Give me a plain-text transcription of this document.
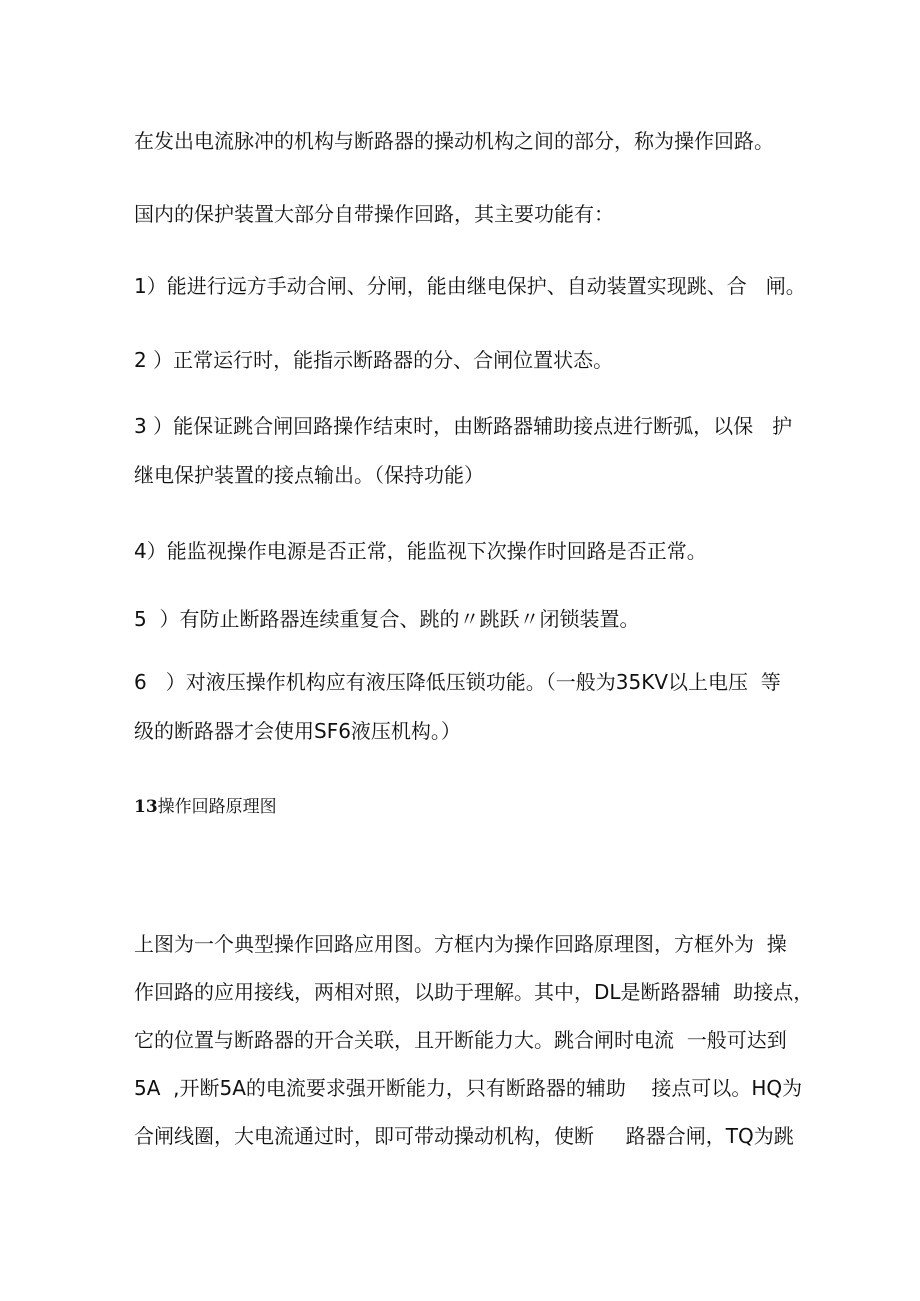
在发出电流脉冲的机构与断路器的操动机构之间的部分，称为操作回路。
国内的保护装置大部分自带操作回路，其主要功能有：
1）能进行远方手动合闸、分闸，能由继电保护、自动装置实现跳、合   闸。
2 ）正常运行时，能指示断路器的分、合闸位置状态。
3 ）能保证跳合闸回路操作结束时，由断路器辅助接点进行断弧，以保   护
继电保护装置的接点输出。（保持功能）
4）能监视操作电源是否正常，能监视下次操作时回路是否正常。
5  ）有防止断路器连续重复合、跳的〃跳跃〃闭锁装置。
6   ）对液压操作机构应有液压降低压锁功能。（一般为35KV以上电压  等
级的断路器才会使用SF6液压机构。）
13操作回路原理图
上图为一个典型操作回路应用图。方框内为操作回路原理图，方框外为  操
作回路的应用接线，两相对照，以助于理解。其中，DL是断路器辅  助接点，
它的位置与断路器的开合关联，且开断能力大。跳合闸时电流  一般可达到
5A  ,开断5A的电流要求强开断能力，只有断路器的辅助    接点可以。HQ为
合闸线圈，大电流通过时，即可带动操动机构，使断     路器合闸，TQ为跳
